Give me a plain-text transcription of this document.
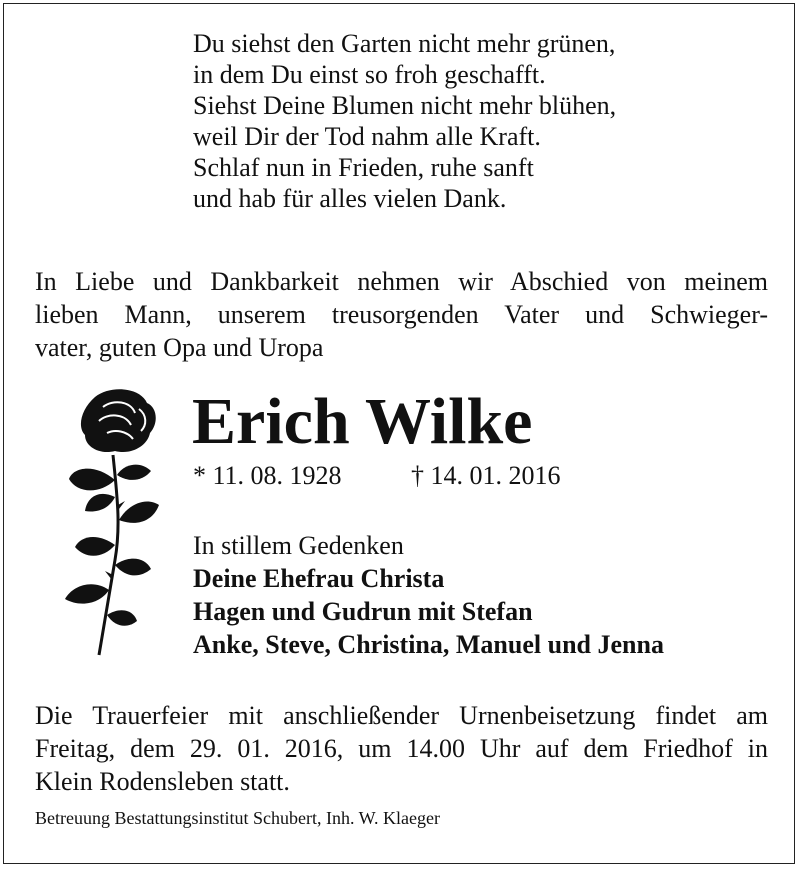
Du siehst den Garten nicht mehr grünen,
in dem Du einst so froh geschafft.
Siehst Deine Blumen nicht mehr blühen,
weil Dir der Tod nahm alle Kraft.
Schlaf nun in Frieden, ruhe sanft
und hab für alles vielen Dank.
In Liebe und Dankbarkeit nehmen wir Abschied von meinem
lieben Mann, unserem treusorgenden Vater und Schwieger-
vater, guten Opa und Uropa
Erich Wilke
* 11. 08. 1928	† 14. 01. 2016
In stillem Gedenken
Deine Ehefrau Christa
Hagen und Gudrun mit Stefan
Anke, Steve, Christina, Manuel und Jenna
Die Trauerfeier mit anschließender Urnenbeisetzung findet am
Freitag, dem 29. 01. 2016, um 14.00 Uhr auf dem Friedhof in
Klein Rodensleben statt.
Betreuung Bestattungsinstitut Schubert, Inh. W. Klaeger
